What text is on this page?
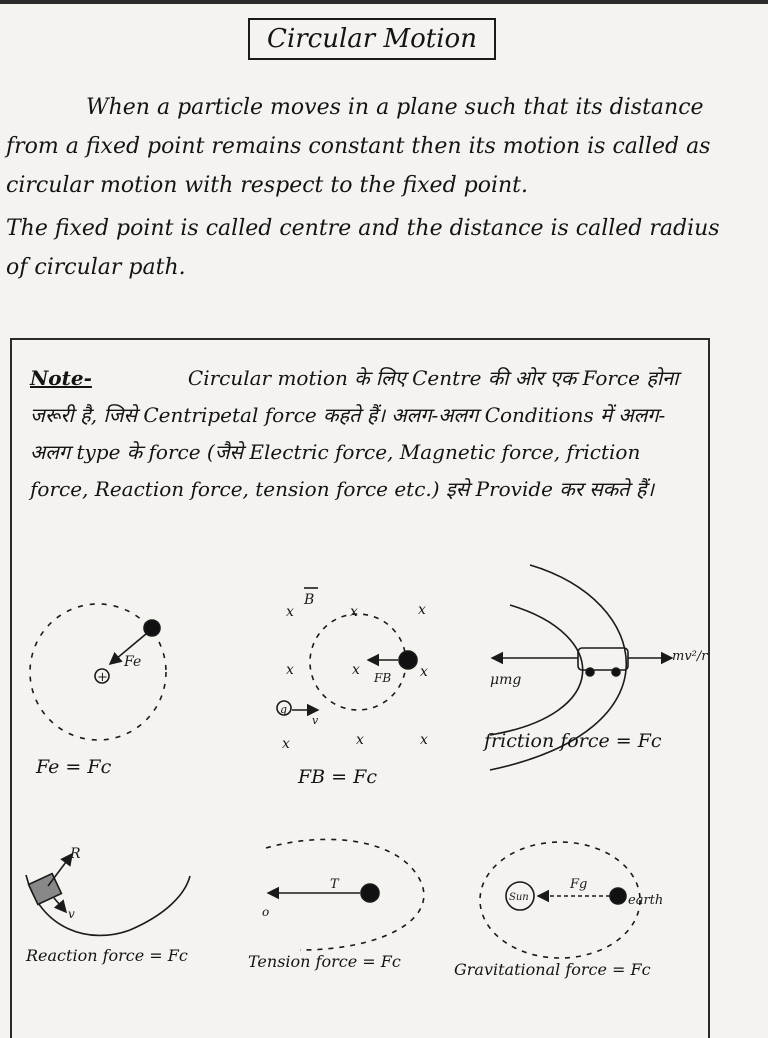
Circular Motion

When a particle moves in a plane such that its distance from a fixed point remains constant then its motion is called as circular motion with respect to the fixed point.

The fixed point is called centre and the distance is called radius of circular path.

Note-	Circular motion के लिए Centre की ओर एक Force होना जरूरी है, जिसे Centripetal force कहते हैं। अलग-अलग Conditions में अलग-अलग type के force (जैसे Electric force, Magnetic force, friction force, Reaction force, tension force etc.) इसे Provide कर सकते हैं।
+
Fe
B
FB
q
v
x	x	x
x	x	x
x	x	x
μmg
mv²/r
R
v
T
o
Sun
Fg
earth
Fe = Fc	FB = Fc
friction force = Fc
Reaction force = Fc	Tension force = Fc	Gravitational force = Fc
